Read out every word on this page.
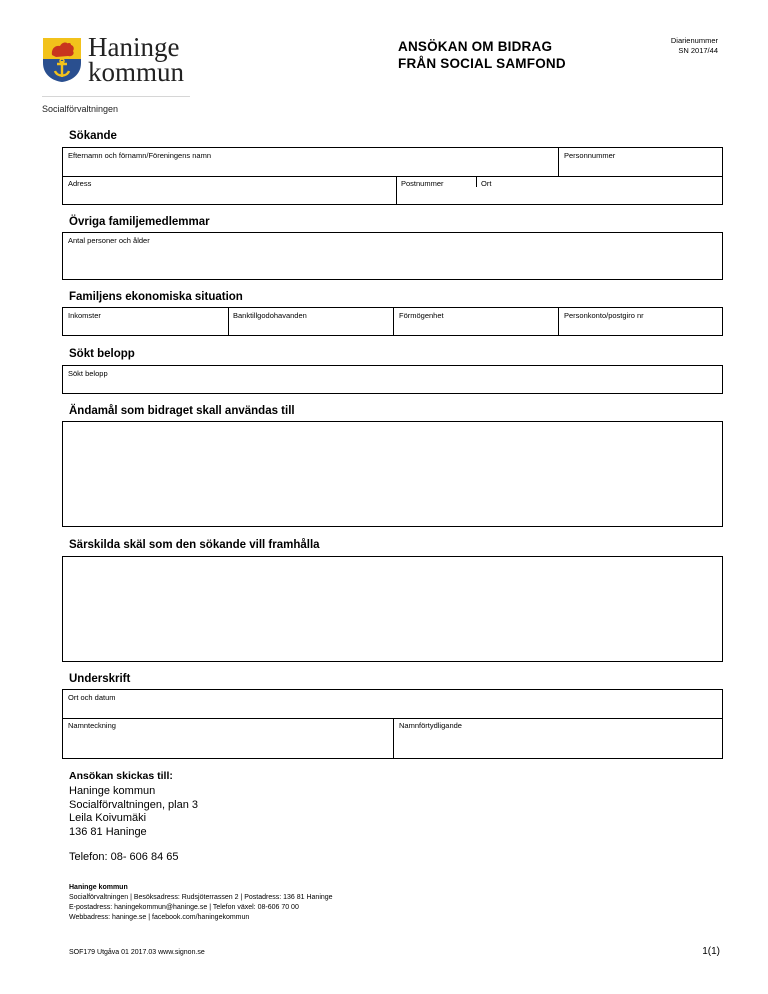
Haninge
kommun
Socialförvaltningen
ANSÖKAN OM BIDRAG
FRÅN SOCIAL SAMFOND
Diarienummer
SN 2017/44
Sökande
Efternamn och förnamn/Föreningens namn	Personnummer
Adress	Postnummer	Ort
Övriga familjemedlemmar
Antal personer och ålder
Familjens ekonomiska situation
Inkomster	Banktillgodohavanden	Förmögenhet	Personkonto/postgiro nr
Sökt belopp
Sökt belopp
Ändamål som bidraget skall användas till
Särskilda skäl som den sökande vill framhålla
Underskrift
Ort och datum
Namnteckning	Namnförtydligande
Ansökan skickas till:
Haninge kommun
Socialförvaltningen, plan 3
Leila Koivumäki
136 81 Haninge
Telefon: 08- 606 84 65
Haninge kommun
Socialförvaltningen | Besöksadress: Rudsjöterrassen 2 | Postadress: 136 81 Haninge
E-postadress: haningekommun@haninge.se | Telefon växel: 08-606 70 00
Webbadress: haninge.se | facebook.com/haningekommun
SOF179 Utgåva 01 2017.03 www.signon.se	1(1)
